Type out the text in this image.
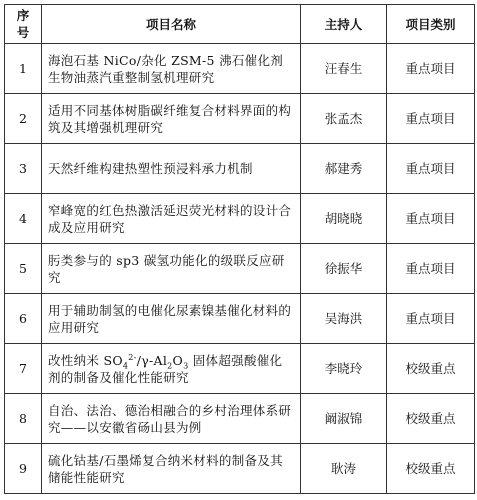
序号	项目名称	主持人	项目类别
1	海泡石基 NiCo/杂化 ZSM-5 沸石催化剂生物油蒸汽重整制氢机理研究	汪春生	重点项目
2	适用不同基体树脂碳纤维复合材料界面的构筑及其增强机理研究	张孟杰	重点项目
3	天然纤维构建热塑性预浸料承力机制	郝建秀	重点项目
4	窄峰宽的红色热激活延迟荧光材料的设计合成及应用研究	胡晓晓	重点项目
5	肟类参与的 sp3 碳氢功能化的级联反应研究	徐振华	重点项目
6	用于辅助制氢的电催化尿素镍基催化材料的应用研究	吴海洪	重点项目
7	改性纳米 $SO_4^{2-}/\gamma-Al_2O_3$ 固体超强酸催化剂的制备及催化性能研究	李晓玲	校级重点
8	自治、法治、德治相融合的乡村治理体系研究——以安徽省砀山县为例	阚淑锦	校级重点
9	硫化钴基/石墨烯复合纳米材料的制备及其储能性能研究	耿涛	校级重点
